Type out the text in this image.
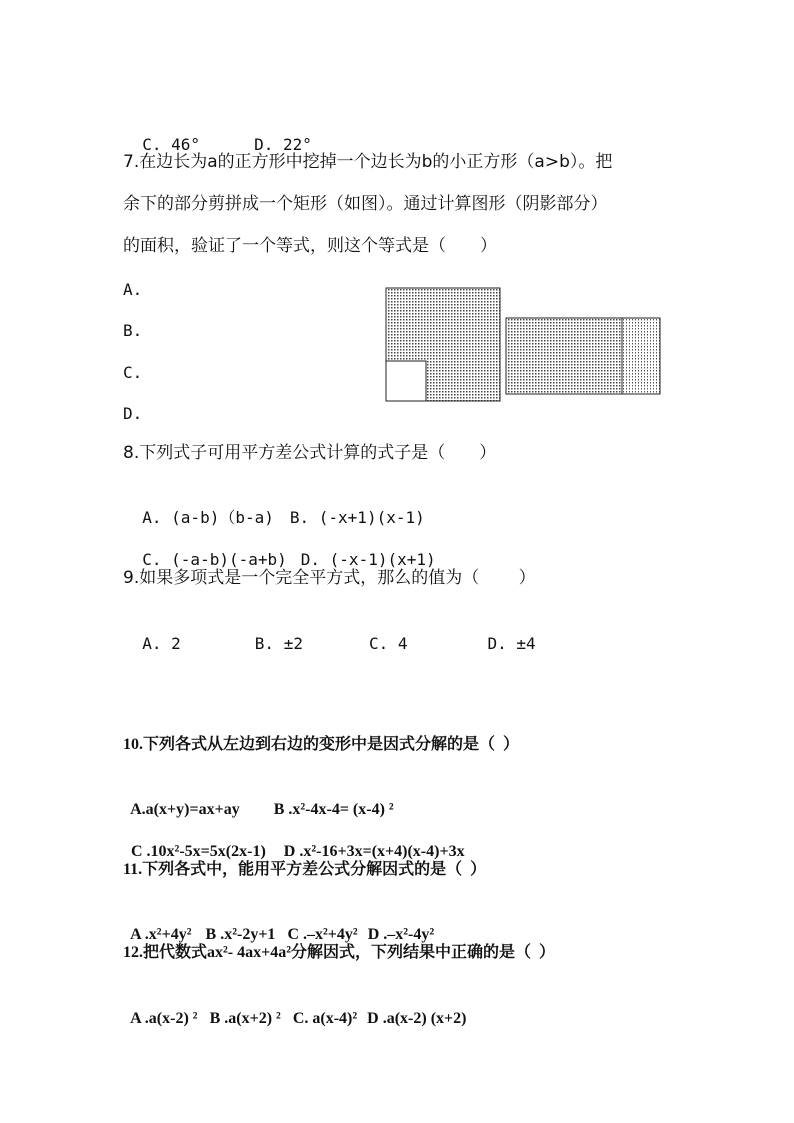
C. 46°	D. 22°

7.在边长为a的正方形中挖掉一个边长为b的小正方形（a>b）。把
余下的部分剪拼成一个矩形（如图）。通过计算图形（阴影部分）
的面积，验证了一个等式，则这个等式是（　　）
A.
B.
C.
D.
8.下列式子可用平方差公式计算的式子是（　　）

A. (a-b)（b-a) B. (-x+1)(x-1)

C. (-a-b)(-a+b) D. (-x-1)(x+1)

9.如果多项式是一个完全平方式，那么的值为（　　 ）

A. 2	B. ±2	C. 4	D. ±4

10.下列各式从左边到右边的变形中是因式分解的是（  ）

A.a(x+y)=ax+ay B .x²-4x-4= (x-4) ²

C .10x²-5x=5x(2x-1) D .x²-16+3x=(x+4)(x-4)+3x

11.下列各式中，能用平方差公式分解因式的是（  ）

A .x²+4y² B .x²-2y+1 C .–x²+4y² D .–x²-4y²

12.把代数式ax²- 4ax+4a²分解因式，下列结果中正确的是（  ）

A .a(x-2) ² B .a(x+2) ² C. a(x-4)² D .a(x-2) (x+2)
